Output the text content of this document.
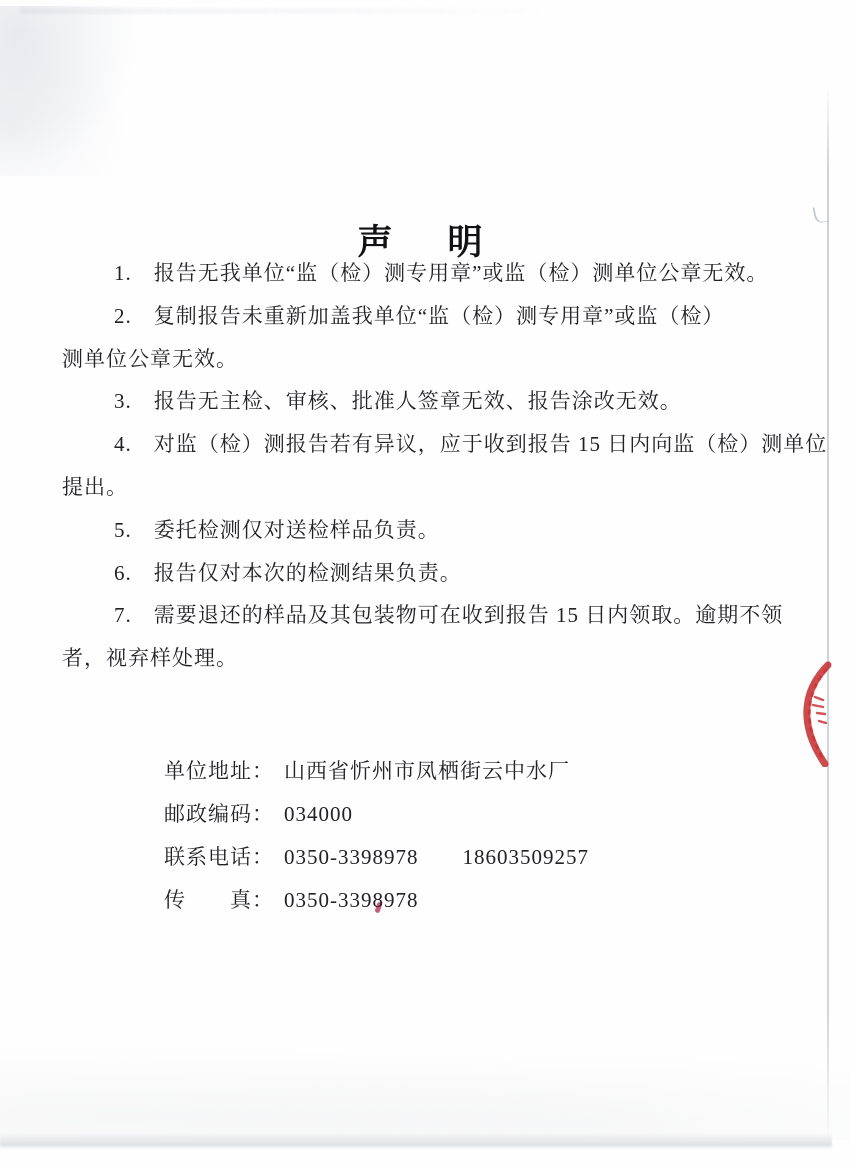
声　明
1.　报告无我单位“监（检）测专用章”或监（检）测单位公章无效。
2.　复制报告未重新加盖我单位“监（检）测专用章”或监（检）
测单位公章无效。
3.　报告无主检、审核、批准人签章无效、报告涂改无效。
4.　对监（检）测报告若有异议，应于收到报告 15 日内向监（检）测单位
提出。
5.　委托检测仅对送检样品负责。
6.　报告仅对本次的检测结果负责。
7.　需要退还的样品及其包装物可在收到报告 15 日内领取。逾期不领
者，视弃样处理。

单位地址： 山西省忻州市凤栖街云中水厂

邮政编码： 034000

联系电话： 0350-3398978 18603509257

传　　真： 0350-3398978
